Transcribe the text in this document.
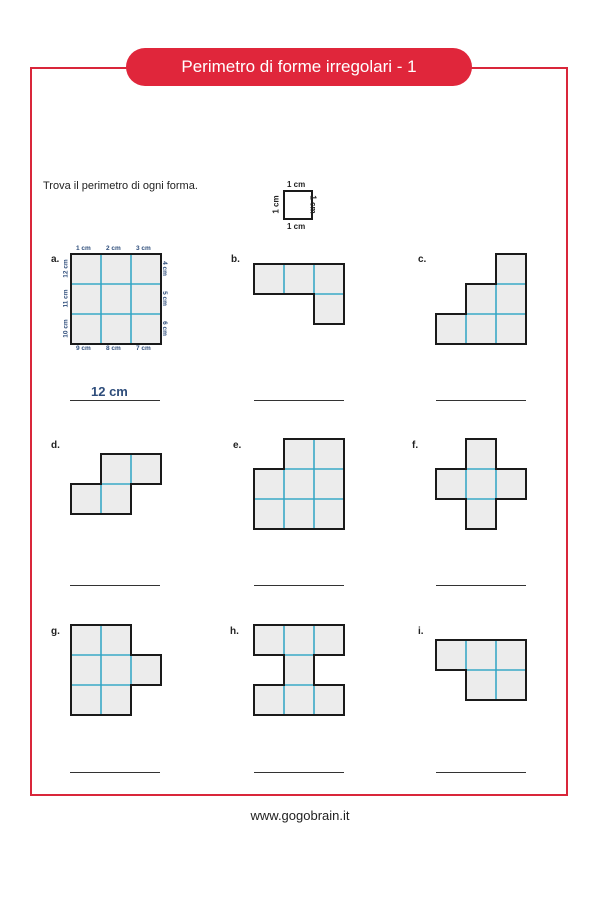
Perimetro di forme irregolari - 1
Trova il perimetro di ogni forma.	1 cm
1 cm
1 cm	1 cm
a.	b.	c.
d.	e.	f.
g.	h.	i.
1 cm 2 cm 3 cm
4 cm
5 cm
6 cm
9 cm 8 cm 7 cm
12 cm
11 cm
10 cm
12 cm
www.gogobrain.it
